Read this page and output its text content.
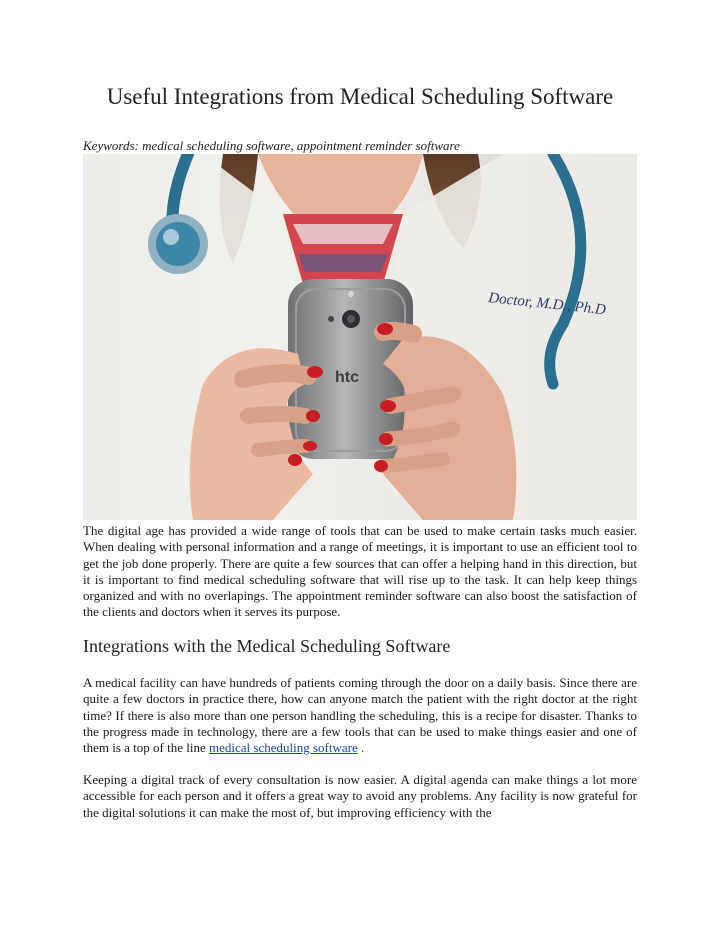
Useful Integrations from Medical Scheduling Software
Keywords: medical scheduling software, appointment reminder software
Doctor, M.D., Ph.D
htc
The digital age has provided a wide range of tools that can be used to make certain tasks much easier. When dealing with personal information and a range of meetings, it is important to use an efficient tool to get the job done properly. There are quite a few sources that can offer a helping hand in this direction, but it is important to find medical scheduling software that will rise up to the task. It can help keep things organized and with no overlapings. The appointment reminder software can also boost the satisfaction of the clients and doctors when it serves its purpose.
Integrations with the Medical Scheduling Software
A medical facility can have hundreds of patients coming through the door on a daily basis. Since there are quite a few doctors in practice there, how can anyone match the patient with the right doctor at the right time? If there is also more than one person handling the scheduling, this is a recipe for disaster. Thanks to the progress made in technology, there are a few tools that can be used to make things easier and one of them is a top of the line medical scheduling software .
Keeping a digital track of every consultation is now easier. A digital agenda can make things a lot more accessible for each person and it offers a great way to avoid any problems. Any facility is now grateful for the digital solutions it can make the most of, but improving efficiency with the
